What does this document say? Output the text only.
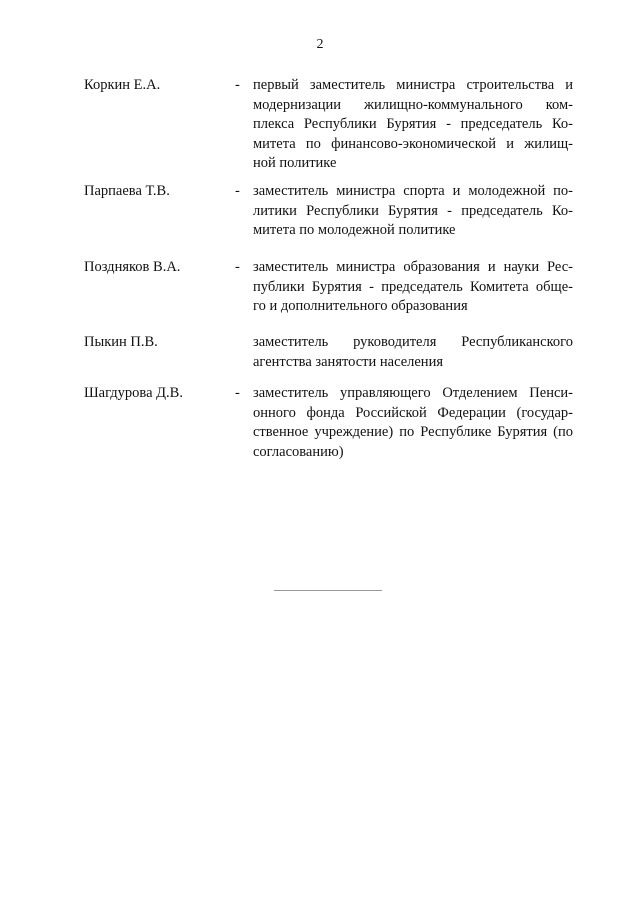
2
Коркин Е.А.	- первый заместитель министра строительства и
модернизации жилищно-коммунального ком-
плекса Республики Бурятия - председатель Ко-
митета по финансово-экономической и жилищ-
ной политике
Парпаева Т.В.	- заместитель министра спорта и молодежной по-
литики Республики Бурятия - председатель Ко-
митета по молодежной политике
Поздняков В.А.	- заместитель министра образования и науки Рес-
публики Бурятия - председатель Комитета обще-
го и дополнительного образования
Пыкин П.В.	заместитель руководителя Республиканского
агентства занятости населения
Шагдурова Д.В.	- заместитель управляющего Отделением Пенси-
онного фонда Российской Федерации (государ-
ственное учреждение) по Республике Бурятия (по
согласованию)
